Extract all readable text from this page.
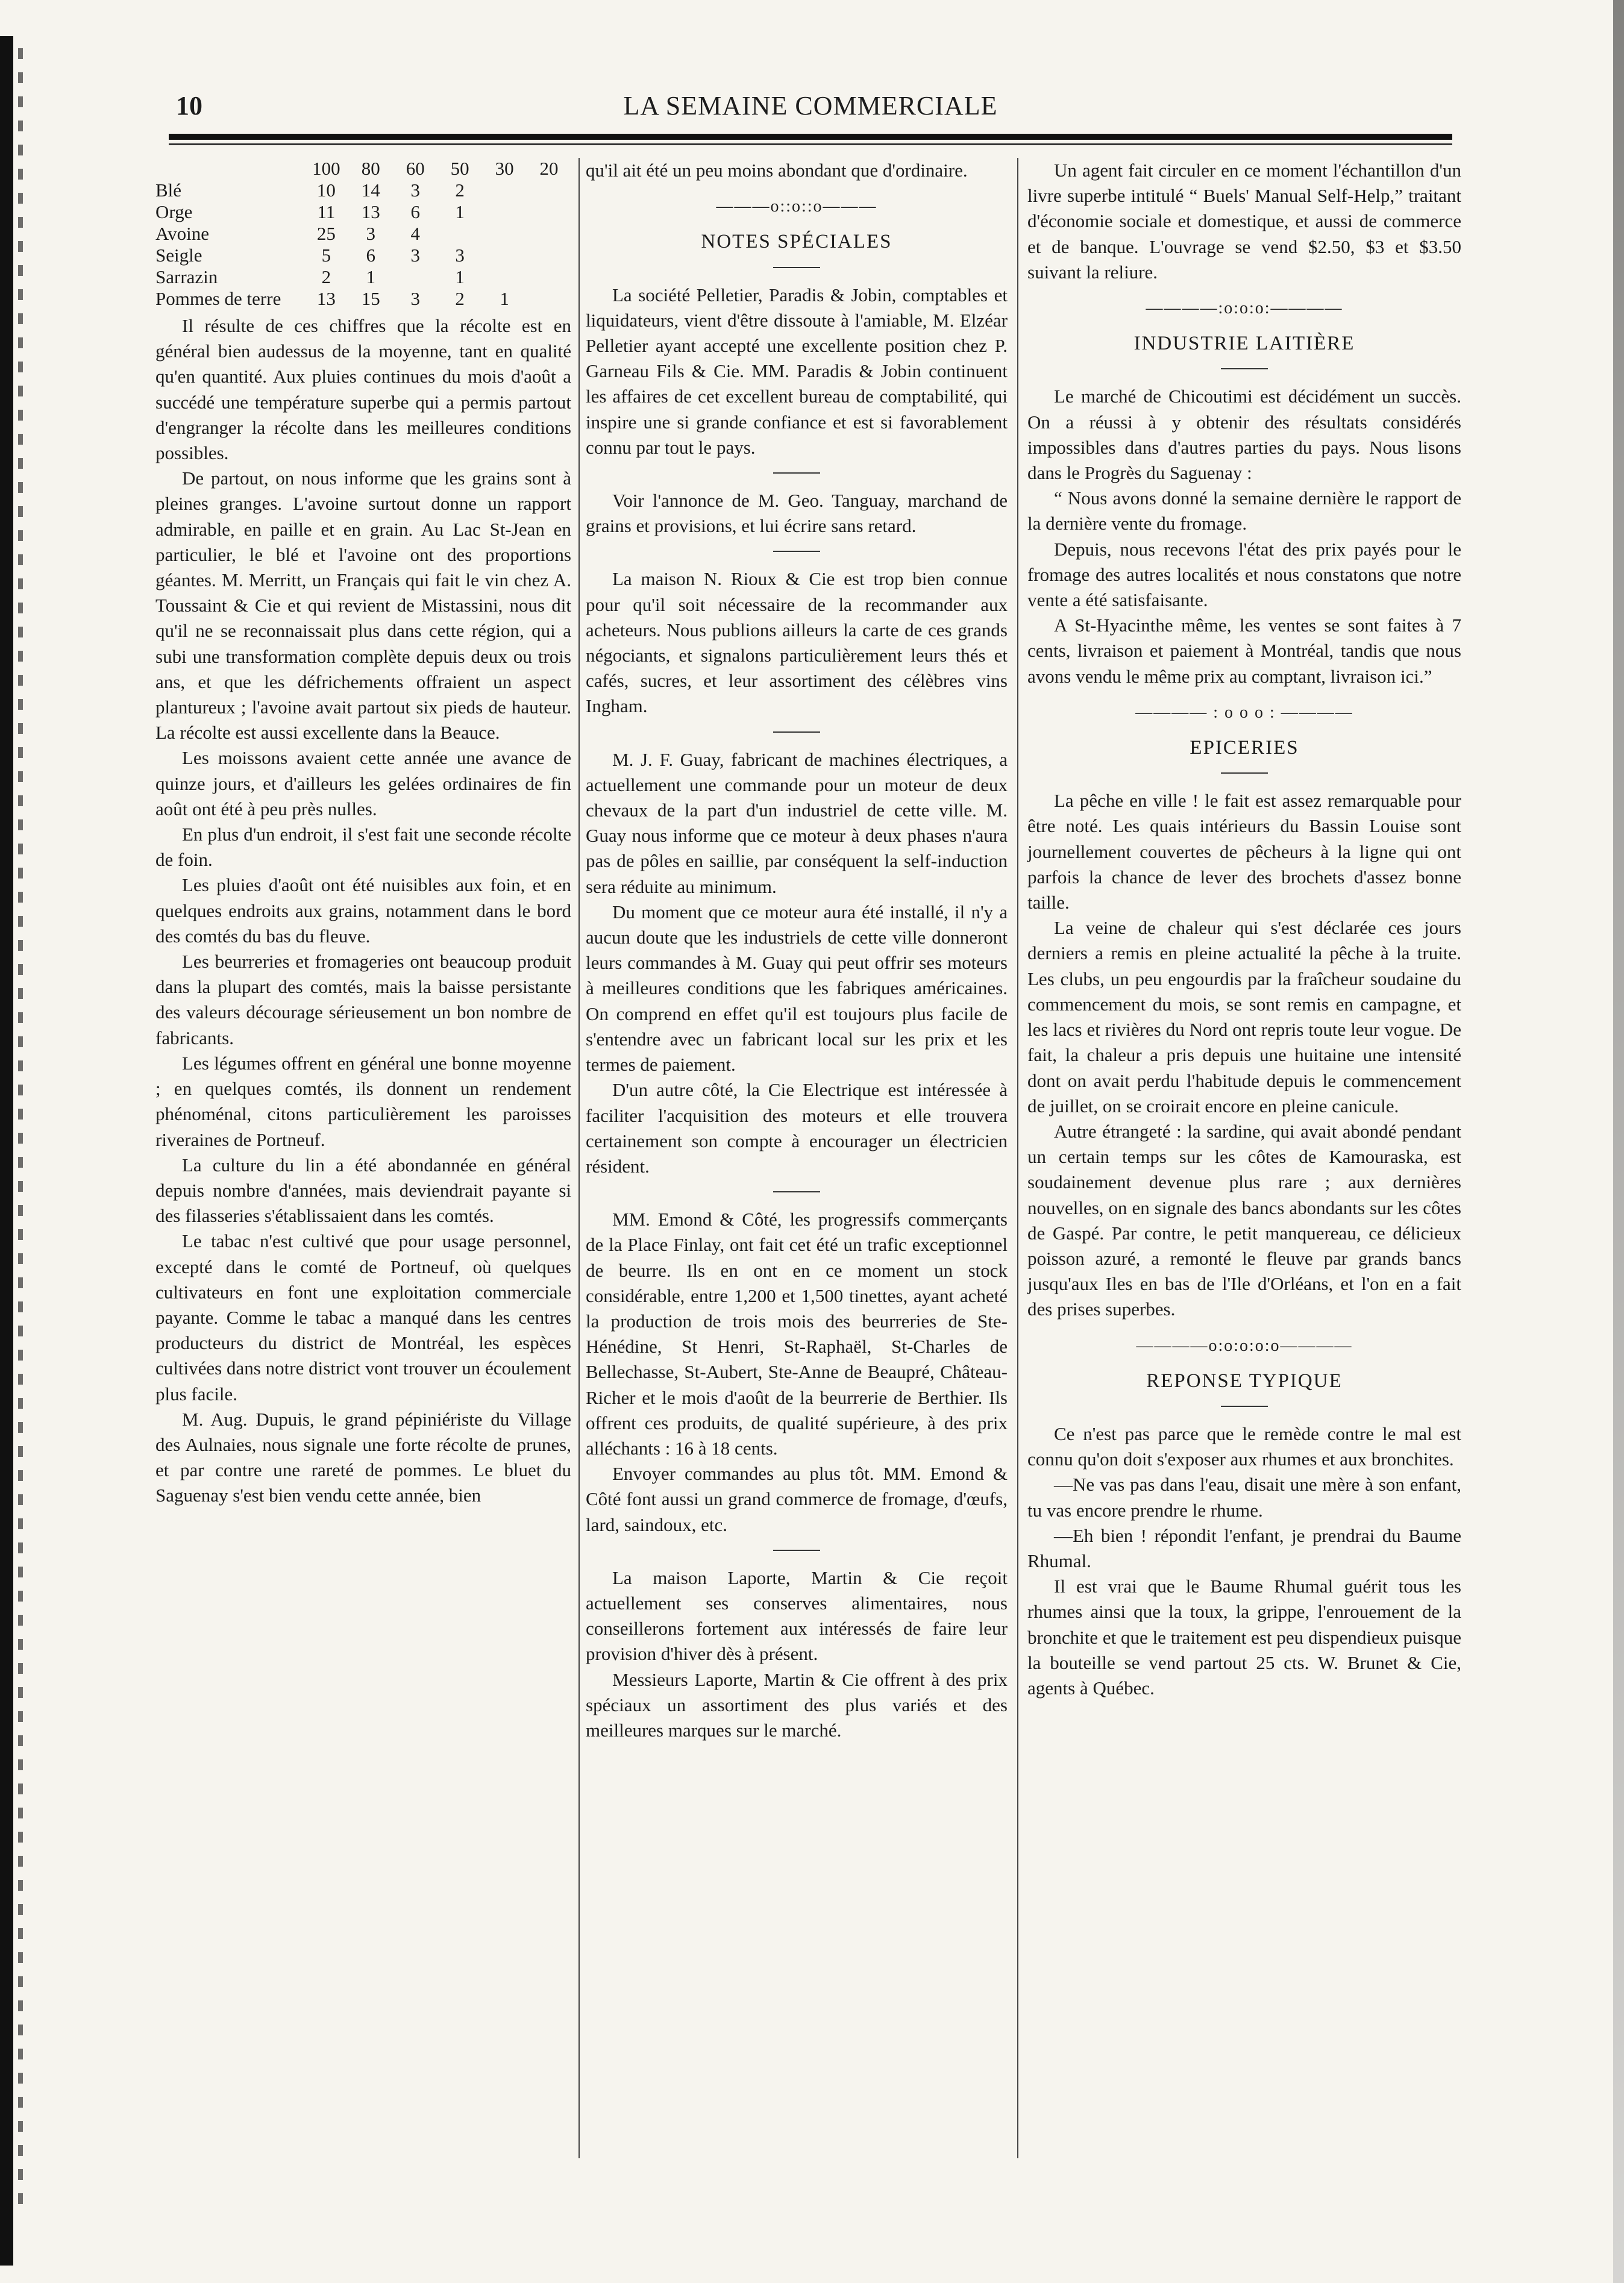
10	LA SEMAINE COMMERCIALE
	100	80	60	50	30	20
Blé	10	14	3	2		
Orge	11	13	6	1		
Avoine	25	3	4			
Seigle	5	6	3	3		
Sarrazin	2	1		1		
Pommes de terre	13	15	3	2	1	

Il résulte de ces chiffres que la récolte est en général bien audessus de la moyenne, tant en qualité qu'en quantité. Aux pluies continues du mois d'août a succédé une température superbe qui a permis partout d'engranger la récolte dans les meilleures conditions possibles.

De partout, on nous informe que les grains sont à pleines granges. L'avoine surtout donne un rapport admirable, en paille et en grain. Au Lac St-Jean en particulier, le blé et l'avoine ont des proportions géantes. M. Merritt, un Français qui fait le vin chez A. Toussaint & Cie et qui revient de Mistassini, nous dit qu'il ne se reconnaissait plus dans cette région, qui a subi une transformation complète depuis deux ou trois ans, et que les défrichements offraient un aspect plantureux ; l'avoine avait partout six pieds de hauteur. La récolte est aussi excellente dans la Beauce.

Les moissons avaient cette année une avance de quinze jours, et d'ailleurs les gelées ordinaires de fin août ont été à peu près nulles.

En plus d'un endroit, il s'est fait une seconde récolte de foin.

Les pluies d'août ont été nuisibles aux foin, et en quelques endroits aux grains, notamment dans le bord des comtés du bas du fleuve.

Les beurreries et fromageries ont beaucoup produit dans la plupart des comtés, mais la baisse persistante des valeurs décourage sérieusement un bon nombre de fabricants.

Les légumes offrent en général une bonne moyenne ; en quelques comtés, ils donnent un rendement phénoménal, citons particulièrement les paroisses riveraines de Portneuf.

La culture du lin a été abondannée en général depuis nombre d'années, mais deviendrait payante si des filasseries s'établissaient dans les comtés.

Le tabac n'est cultivé que pour usage personnel, excepté dans le comté de Portneuf, où quelques cultivateurs en font une exploitation commerciale payante. Comme le tabac a manqué dans les centres producteurs du district de Montréal, les espèces cultivées dans notre district vont trouver un écoulement plus facile.

M. Aug. Dupuis, le grand pépiniériste du Village des Aulnaies, nous signale une forte récolte de prunes, et par contre une rareté de pommes. Le bluet du Saguenay s'est bien vendu cette année, bien

qu'il ait été un peu moins abondant que d'ordinaire.

———o::o::o———
NOTES SPÉCIALES

La société Pelletier, Paradis & Jobin, comptables et liquidateurs, vient d'être dissoute à l'amiable, M. Elzéar Pelletier ayant accepté une excellente position chez P. Garneau Fils & Cie. MM. Paradis & Jobin continuent les affaires de cet excellent bureau de comptabilité, qui inspire une si grande confiance et est si favorablement connu par tout le pays.

Voir l'annonce de M. Geo. Tanguay, marchand de grains et provisions, et lui écrire sans retard.

La maison N. Rioux & Cie est trop bien connue pour qu'il soit nécessaire de la recommander aux acheteurs. Nous publions ailleurs la carte de ces grands négociants, et signalons particulièrement leurs thés et cafés, sucres, et leur assortiment des célèbres vins Ingham.

M. J. F. Guay, fabricant de machines électriques, a actuellement une commande pour un moteur de deux chevaux de la part d'un industriel de cette ville. M. Guay nous informe que ce moteur à deux phases n'aura pas de pôles en saillie, par conséquent la self-induction sera réduite au minimum.

Du moment que ce moteur aura été installé, il n'y a aucun doute que les industriels de cette ville donneront leurs commandes à M. Guay qui peut offrir ses moteurs à meilleures conditions que les fabriques américaines. On comprend en effet qu'il est toujours plus facile de s'entendre avec un fabricant local sur les prix et les termes de paiement.

D'un autre côté, la Cie Electrique est intéressée à faciliter l'acquisition des moteurs et elle trouvera certainement son compte à encourager un électricien résident.

MM. Emond & Côté, les progressifs commerçants de la Place Finlay, ont fait cet été un trafic exceptionnel de beurre. Ils en ont en ce moment un stock considérable, entre 1,200 et 1,500 tinettes, ayant acheté la production de trois mois des beurreries de Ste-Hénédine, St Henri, St-Raphaël, St-Charles de Bellechasse, St-Aubert, Ste-Anne de Beaupré, Château-Richer et le mois d'août de la beurrerie de Berthier. Ils offrent ces produits, de qualité supérieure, à des prix alléchants : 16 à 18 cents.

Envoyer commandes au plus tôt. MM. Emond & Côté font aussi un grand commerce de fromage, d'œufs, lard, saindoux, etc.

La maison Laporte, Martin & Cie reçoit actuellement ses conserves alimentaires, nous conseillerons fortement aux intéressés de faire leur provision d'hiver dès à présent.

Messieurs Laporte, Martin & Cie offrent à des prix spéciaux un assortiment des plus variés et des meilleures marques sur le marché.

Un agent fait circuler en ce moment l'échantillon d'un livre superbe intitulé “ Buels' Manual Self-Help,” traitant d'économie sociale et domestique, et aussi de commerce et de banque. L'ouvrage se vend $2.50, $3 et $3.50 suivant la reliure.

————:o:o:o:————
INDUSTRIE LAITIÈRE

Le marché de Chicoutimi est décidément un succès. On a réussi à y obtenir des résultats considérés impossibles dans d'autres parties du pays. Nous lisons dans le Progrès du Saguenay :

“ Nous avons donné la semaine dernière le rapport de la dernière vente du fromage.

Depuis, nous recevons l'état des prix payés pour le fromage des autres localités et nous constatons que notre vente a été satisfaisante.

A St-Hyacinthe même, les ventes se sont faites à 7 cents, livraison et paiement à Montréal, tandis que nous avons vendu le même prix au comptant, livraison ici.”

———— : o o o : ————
EPICERIES

La pêche en ville ! le fait est assez remarquable pour être noté. Les quais intérieurs du Bassin Louise sont journellement couvertes de pêcheurs à la ligne qui ont parfois la chance de lever des brochets d'assez bonne taille.

La veine de chaleur qui s'est déclarée ces jours derniers a remis en pleine actualité la pêche à la truite. Les clubs, un peu engourdis par la fraîcheur soudaine du commencement du mois, se sont remis en campagne, et les lacs et rivières du Nord ont repris toute leur vogue. De fait, la chaleur a pris depuis une huitaine une intensité dont on avait perdu l'habitude depuis le commencement de juillet, on se croirait encore en pleine canicule.

Autre étrangeté : la sardine, qui avait abondé pendant un certain temps sur les côtes de Kamouraska, est soudainement devenue plus rare ; aux dernières nouvelles, on en signale des bancs abondants sur les côtes de Gaspé. Par contre, le petit manquereau, ce délicieux poisson azuré, a remonté le fleuve par grands bancs jusqu'aux Iles en bas de l'Ile d'Orléans, et l'on en a fait des prises superbes.

————o:o:o:o:o————
REPONSE TYPIQUE

Ce n'est pas parce que le remède contre le mal est connu qu'on doit s'exposer aux rhumes et aux bronchites.

—Ne vas pas dans l'eau, disait une mère à son enfant, tu vas encore prendre le rhume.

—Eh bien ! répondit l'enfant, je prendrai du Baume Rhumal.

Il est vrai que le Baume Rhumal guérit tous les rhumes ainsi que la toux, la grippe, l'enrouement de la bronchite et que le traitement est peu dispendieux puisque la bouteille se vend partout 25 cts. W. Brunet & Cie, agents à Québec.
